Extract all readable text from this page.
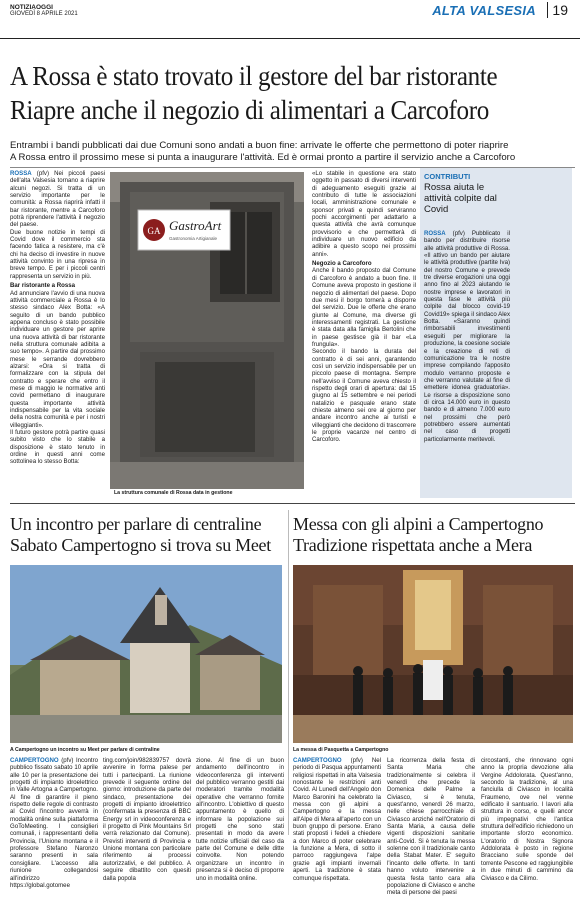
NOTIZIAOGGI
GIOVEDÌ 8 APRILE 2021	ALTA VALSESIA 19
A Rossa è stato trovato il gestore del bar ristorante
Riapre anche il negozio di alimentari a Carcoforo
Entrambi i bandi pubblicati dai due Comuni sono andati a buon fine: arrivate le offerte che permettono di poter riaprire
A Rossa entro il prossimo mese si punta a inaugurare l'attività. Ed è ormai pronto a partire il servizio anche a Carcoforo
ROSSA (pfv) Nei piccoli paesi dell'alta Valsesia tornano a riaprire alcuni negozi. Si tratta di un servizio importante per le comunità: a Rossa riaprirà infatti il bar ristorante, mentre a Carcoforo potrà riprendere l'attività il negozio del paese.
Due buone notizie in tempi di Covid dove il commercio sta facendo fatica a resistere, ma c'è chi ha deciso di investire in nuove attività convinto in una ripresa in breve tempo. E per i piccoli centri rappresenta un servizio in più.
Bar ristorante a Rossa
Ad annunciare l'avvio di una nuova attività commerciale a Rossa è lo stesso sindaco Alex Botta: «A seguito di un bando pubblico appena concluso è stato possibile individuare un gestore per aprire una nuova attività di bar ristorante nella struttura comunale adibita a suo tempo». A partire dal prossimo mese le serrande dovrebbero alzarsi: «Ora si tratta di formalizzare con la stipula del contratto e sperare che entro il mese di maggio le normative anti covid permettano di inaugurare questa importante attività indispensabile per la vita sociale della nostra comunità e per i nostri villeggianti».
Il futuro gestore potrà partire quasi subito visto che lo stabile a disposizione è stato tenuto in ordine in questi anni come sottolinea lo stesso Botta:
GA GastroArt
Gastronomia Artigianale
La struttura comunale di Rossa data in gestione
«Lo stabile in questione era stato oggetto in passato di diversi interventi di adeguamento eseguiti grazie al contributo di tutte le associazioni locali, amministrazione comunale e sponsor privati e quindi serviranno pochi accorgimenti per adattarlo a questa attività che avrà comunque provvisorio e che permetterà di individuare un nuovo edificio da adibire a questo scopo nei prossimi anni».
Negozio a Carcoforo
Anche il bando proposto dal Comune di Carcoforo è andato a buon fine. Il Comune aveva proposto in gestione il negozio di alimentari del paese. Dopo due mesi il borgo tornerà a disporre del servizio. Due le offerte che erano giunte al Comune, ma diverse gli interessamenti registrati. La gestione è stata data alla famiglia Bertolini che in paese gestisce già il bar «La frungula».
Secondo il bando la durata del contratto è di sei anni, garantendo così un servizio indispensabile per un piccolo paese di montagna. Sempre nell'avviso il Comune aveva chiesto il rispetto degli orari di apertura: dal 15 giugno al 15 settembre e nei periodi natalizio e pasquale erano state chieste almeno sei ore al giorno per andare incontro anche ai turisti e villeggianti che decidono di trascorrere le proprie vacanze nel centro di Carcoforo.
CONTRIBUTI
Rossa aiuta le attività colpite dal Covid
ROSSA (pfv) Pubblicato il bando per distribuire risorse alle attività produttive di Rossa. «Il attivo un bando per aiutare le attività produttive (partite Iva) del nostro Comune e prevede tre diverse erogazioni una oggi anno fino al 2023 aiutando le nostre imprese e lavoratori in questa fase le attività più colpite dal blocco covid-19 Covid19» spiega il sindaco Alex Botta. «Saranno quindi rimborsabili investimenti eseguiti per migliorare la produzione, la coesione sociale e la creazione di reti di comunicazione tra le nostre imprese compilando l'apposito modulo verranno proposte e che verranno valutate al fine di emettere idonea graduatoria». Le risorse a disposizione sono di circa 14.000 euro in questo bando e di almeno 7.000 euro nel prossimi che però potrebbero essere aumentati nel caso di progetti particolarmente meritevoli.
Un incontro per parlare di centraline
Sabato Campertogno si trova su Meet
A Campertogno un incontro su Meet per parlare di centraline
CAMPERTOGNO (pfv) Incontro pubblico fissato sabato 10 aprile alle 10 per la presentazione dei progetti di impianto idroelettrico in Valle Artogna a Campertogno. Al fine di garantire il pieno rispetto delle regole di contrasto al Covid l'incontro avverrà in modalità online sulla piattaforma GoToMeeting. I consiglieri comunali, i rappresentanti della Provincia, l'Unione montana e il professore Stefano Naronzo saranno presenti in sala consigliare. L'accesso alla riunione collegandosi all'indirizzo https://global.gotomee
ting.com/join/982839757 dovrà avvenire in forma palese per tutti i partecipanti. La riunione prevede il seguente ordine del giorno: introduzione da parte del sindaco, presentazione dei progetti di impianto idroelettrico (confermata la presenza di BBC Energy srl in videoconferenza e il progetto di Pink Mountains Srl verrà relazionato dal Comune). Previsti interventi di Provincia e Unione montana con particolare riferimento ai processi autorizzativi, e del pubblico. A seguire dibattito con quesiti dalla popola
zione. Al fine di un buon andamento dell'incontro in videoconferenza gli interventi del pubblico verranno gestiti dai moderatori tramite modalità operative che verranno fornite all'incontro. L'obiettivo di questo appuntamento è quello di informare la popolazione sui progetti che sono stati presentati in modo da avere tutte notizie ufficiali del caso da parte del Comune e delle ditte coinvolte. Non potendo organizzare un incontro in presenza si è deciso di proporre uno in modalità online.
Messa con gli alpini a Campertogno
Tradizione rispettata anche a Mera
La messa di Pasquetta a Campertogno
CAMPERTOGNO (pfv) Nel periodo di Pasqua appuntamenti religiosi rispettati in alta Valsesia nonostante le restrizioni anti Covid. Al Lunedì dell'Angelo don Marco Baronini ha celebrato la messa con gli alpini a Campertogno e la messa all'Alpe di Mera all'aperto con un buon gruppo di persone. Erano stati proposti i fedeli a chiedere a don Marco di poter celebrare la funzione a Mera, di sotto il parroco raggiungeva l'alpe grazie agli impianti invernali aperti. La tradizione è stata comunque rispettata.
La ricorrenza della festa di Santa Maria che tradizionalmente si celebra il venerdì che precede la Domenica delle Palme a Civiasco, si è tenuta, quest'anno, venerdì 26 marzo, nelle chiese parrocchiale di Civiasco anziché nell'Oratorio di Santa Maria, a causa delle vigenti disposizioni sanitarie anti-Covid. Si è tenuta la messa solenne con il tradizionale canto della Stabat Mater. E' seguito l'incanto delle offerte. In tanti hanno voluto intervenire a questa festa tanto cara alla popolazione di Civiasco e anche meta di persone dei paesi
circostanti, che rinnovano ogni anno la propria devozione alla Vergine Addolorata. Quest'anno, secondo la tradizione, al una fanciulla di Civiasco in località Fraumeno, ove nel venne edificato il santuario. I lavori alla struttura in corso, e quelli ancor più impegnativi che l'antica struttura dell'edificio richiedono un importante sforzo economico. L'oratorio di Nostra Signora Addolorata è posto in regione Bracciano sulle sponde del torrente Pescone ed raggiungibile in due minuti di cammino da Civiasco e da Cilimo.
